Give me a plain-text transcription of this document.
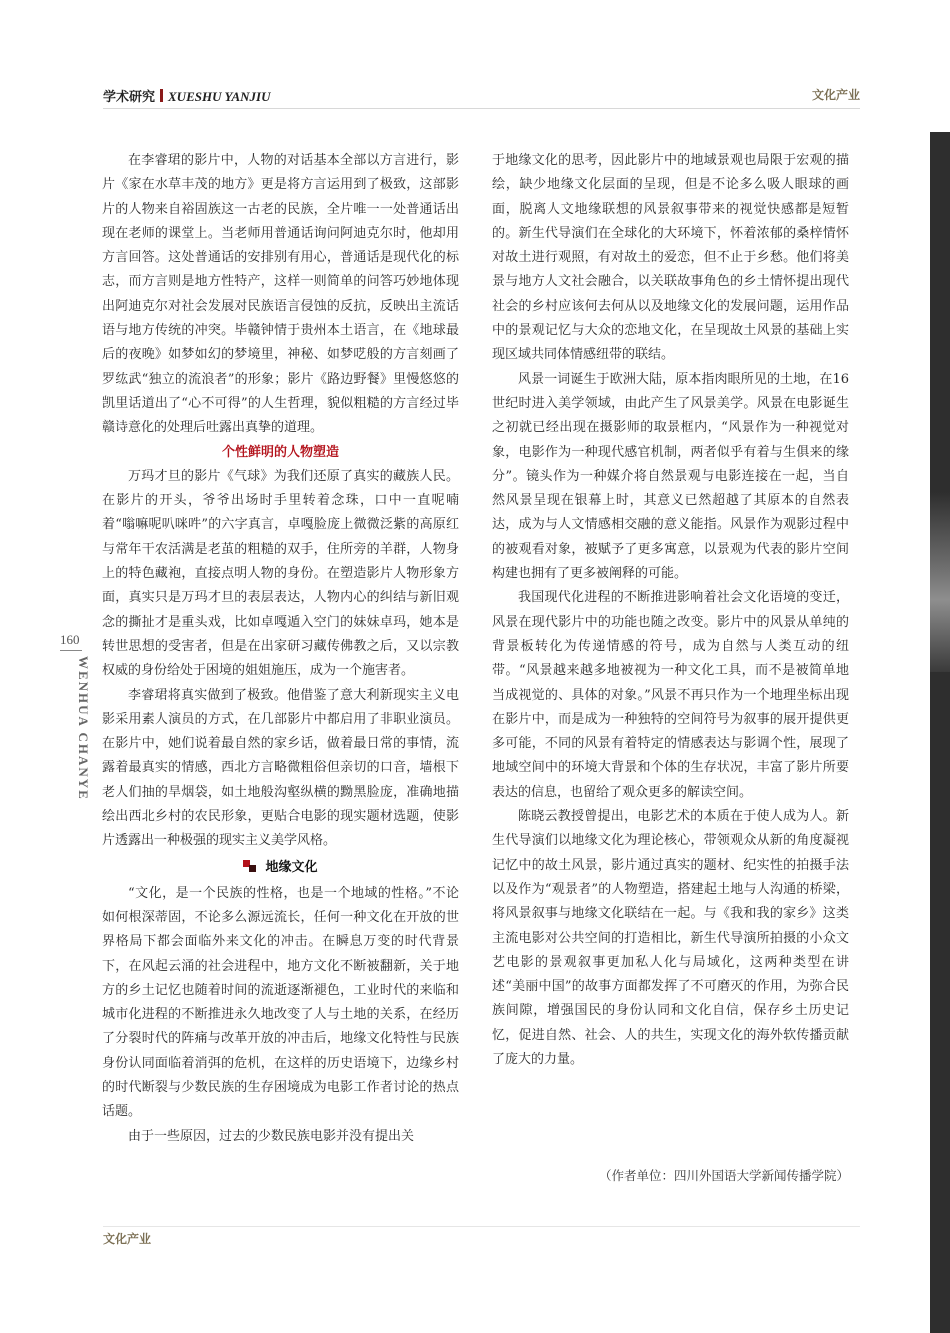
学术研究 XUESHU YANJIU	文化产业
160
WENHUA CHANYE

在李睿珺的影片中，人物的对话基本全部以方言进行，影片《家在水草丰茂的地方》更是将方言运用到了极致，这部影片的人物来自裕固族这一古老的民族，全片唯一一处普通话出现在老师的课堂上。当老师用普通话询问阿迪克尔时，他却用方言回答。这处普通话的安排别有用心，普通话是现代化的标志，而方言则是地方性特产，这样一则简单的问答巧妙地体现出阿迪克尔对社会发展对民族语言侵蚀的反抗，反映出主流话语与地方传统的冲突。毕赣钟情于贵州本土语言，在《地球最后的夜晚》如梦如幻的梦境里，神秘、如梦呓般的方言刻画了罗纮武“独立的流浪者”的形象；影片《路边野餐》里慢悠悠的凯里话道出了“心不可得”的人生哲理，貌似粗糙的方言经过毕赣诗意化的处理后吐露出真挚的道理。

个性鲜明的人物塑造

万玛才旦的影片《气球》为我们还原了真实的藏族人民。在影片的开头，爷爷出场时手里转着念珠，口中一直呢喃着“嗡嘛呢叭咪吽”的六字真言，卓嘎脸庞上微微泛紫的高原红与常年干农活满是老茧的粗糙的双手，住所旁的羊群，人物身上的特色藏袍，直接点明人物的身份。在塑造影片人物形象方面，真实只是万玛才旦的表层表达，人物内心的纠结与新旧观念的撕扯才是重头戏，比如卓嘎遁入空门的妹妹卓玛，她本是转世思想的受害者，但是在出家研习藏传佛教之后，又以宗教权威的身份给处于困境的姐姐施压，成为一个施害者。

李睿珺将真实做到了极致。他借鉴了意大利新现实主义电影采用素人演员的方式，在几部影片中都启用了非职业演员。在影片中，她们说着最自然的家乡话，做着最日常的事情，流露着最真实的情感，西北方言略微粗俗但亲切的口音，墙根下老人们抽的旱烟袋，如土地般沟壑纵横的黝黑脸庞，准确地描绘出西北乡村的农民形象，更贴合电影的现实题材选题，使影片透露出一种极强的现实主义美学风格。

地缘文化

“文化，是一个民族的性格，也是一个地域的性格。”不论如何根深蒂固，不论多么源远流长，任何一种文化在开放的世界格局下都会面临外来文化的冲击。在瞬息万变的时代背景下，在风起云涌的社会进程中，地方文化不断被翻新，关于地方的乡土记忆也随着时间的流逝逐渐褪色，工业时代的来临和城市化进程的不断推进永久地改变了人与土地的关系，在经历了分裂时代的阵痛与改革开放的冲击后，地缘文化特性与民族身份认同面临着消弭的危机，在这样的历史语境下，边缘乡村的时代断裂与少数民族的生存困境成为电影工作者讨论的热点话题。

由于一些原因，过去的少数民族电影并没有提出关

于地缘文化的思考，因此影片中的地域景观也局限于宏观的描绘，缺少地缘文化层面的呈现，但是不论多么吸人眼球的画面，脱离人文地缘联想的风景叙事带来的视觉快感都是短暂的。新生代导演们在全球化的大环境下，怀着浓郁的桑梓情怀对故土进行观照，有对故土的爱恋，但不止于乡愁。他们将美景与地方人文社会融合，以关联故事角色的乡土情怀提出现代社会的乡村应该何去何从以及地缘文化的发展问题，运用作品中的景观记忆与大众的恋地文化，在呈现故土风景的基础上实现区域共同体情感纽带的联结。

风景一词诞生于欧洲大陆，原本指肉眼所见的土地，在16世纪时进入美学领域，由此产生了风景美学。风景在电影诞生之初就已经出现在摄影师的取景框内，“风景作为一种视觉对象，电影作为一种现代感官机制，两者似乎有着与生俱来的缘分”。镜头作为一种媒介将自然景观与电影连接在一起，当自然风景呈现在银幕上时，其意义已然超越了其原本的自然表达，成为与人文情感相交融的意义能指。风景作为观影过程中的被观看对象，被赋予了更多寓意，以景观为代表的影片空间构建也拥有了更多被阐释的可能。

我国现代化进程的不断推进影响着社会文化语境的变迁，风景在现代影片中的功能也随之改变。影片中的风景从单纯的背景板转化为传递情感的符号，成为自然与人类互动的纽带。“风景越来越多地被视为一种文化工具，而不是被简单地当成视觉的、具体的对象。”风景不再只作为一个地理坐标出现在影片中，而是成为一种独特的空间符号为叙事的展开提供更多可能，不同的风景有着特定的情感表达与影调个性，展现了地域空间中的环境大背景和个体的生存状况，丰富了影片所要表达的信息，也留给了观众更多的解读空间。

陈晓云教授曾提出，电影艺术的本质在于使人成为人。新生代导演们以地缘文化为理论核心，带领观众从新的角度凝视记忆中的故土风景，影片通过真实的题材、纪实性的拍摄手法以及作为“观景者”的人物塑造，搭建起土地与人沟通的桥梁，将风景叙事与地缘文化联结在一起。与《我和我的家乡》这类主流电影对公共空间的打造相比，新生代导演所拍摄的小众文艺电影的景观叙事更加私人化与局域化，这两种类型在讲述“美丽中国”的故事方面都发挥了不可磨灭的作用，为弥合民族间隙，增强国民的身份认同和文化自信，保存乡土历史记忆，促进自然、社会、人的共生，实现文化的海外软传播贡献了庞大的力量。

（作者单位：四川外国语大学新闻传播学院）
文化产业
